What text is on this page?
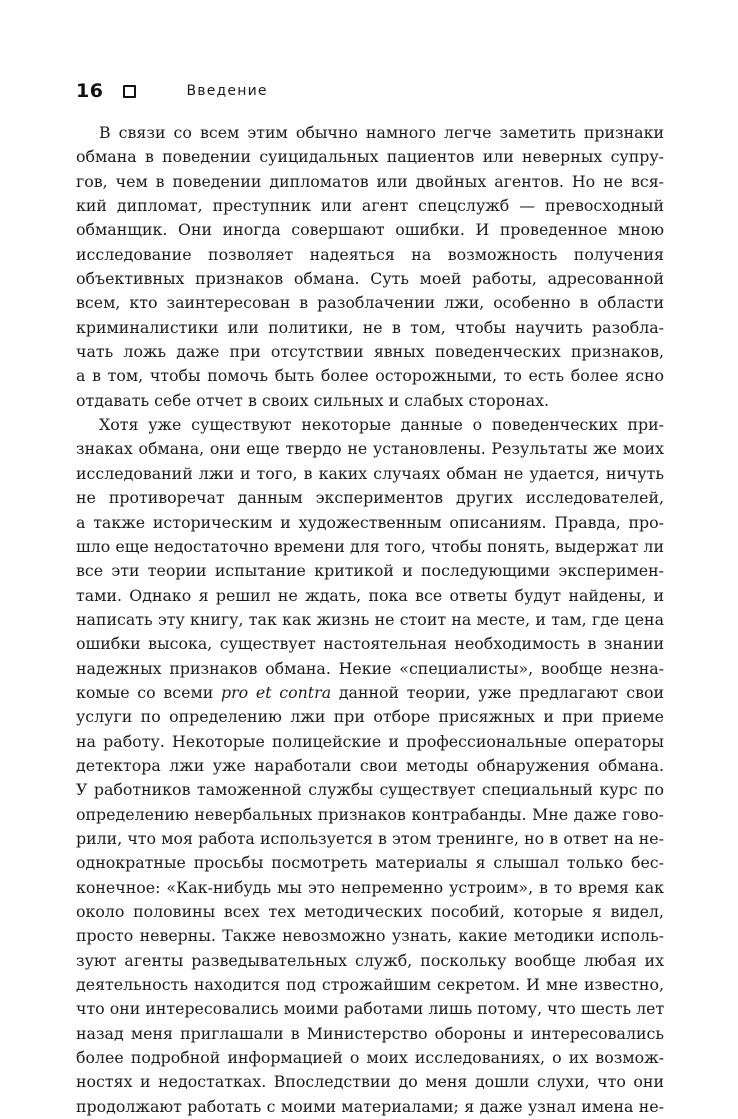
16	Введение
В связи со всем этим обычно намного легче заметить признаки
обмана в поведении суицидальных пациентов или неверных супру-
гов, чем в поведении дипломатов или двойных агентов. Но не вся-
кий дипломат, преступник или агент спецслужб — превосходный
обманщик. Они иногда совершают ошибки. И проведенное мною
исследование позволяет надеяться на возможность получения
объективных признаков обмана. Суть моей работы, адресованной
всем, кто заинтересован в разоблачении лжи, особенно в области
криминалистики или политики, не в том, чтобы научить разобла-
чать ложь даже при отсутствии явных поведенческих признаков,
а в том, чтобы помочь быть более осторожными, то есть более ясно
отдавать себе отчет в своих сильных и слабых сторонах.
Хотя уже существуют некоторые данные о поведенческих при-
знаках обмана, они еще твердо не установлены. Результаты же моих
исследований лжи и того, в каких случаях обман не удается, ничуть
не противоречат данным экспериментов других исследователей,
а также историческим и художественным описаниям. Правда, про-
шло еще недостаточно времени для того, чтобы понять, выдержат ли
все эти теории испытание критикой и последующими эксперимен-
тами. Однако я решил не ждать, пока все ответы будут найдены, и
написать эту книгу, так как жизнь не стоит на месте, и там, где цена
ошибки высока, существует настоятельная необходимость в знании
надежных признаков обмана. Некие «специалисты», вообще незна-
комые со всеми pro et contra данной теории, уже предлагают свои
услуги по определению лжи при отборе присяжных и при приеме
на работу. Некоторые полицейские и профессиональные операторы
детектора лжи уже наработали свои методы обнаружения обмана.
У работников таможенной службы существует специальный курс по
определению невербальных признаков контрабанды. Мне даже гово-
рили, что моя работа используется в этом тренинге, но в ответ на не-
однократные просьбы посмотреть материалы я слышал только бес-
конечное: «Как-нибудь мы это непременно устроим», в то время как
около половины всех тех методических пособий, которые я видел,
просто неверны. Также невозможно узнать, какие методики исполь-
зуют агенты разведывательных служб, поскольку вообще любая их
деятельность находится под строжайшим секретом. И мне известно,
что они интересовались моими работами лишь потому, что шесть лет
назад меня приглашали в Министерство обороны и интересовались
более подробной информацией о моих исследованиях, о их возмож-
ностях и недостатках. Впоследствии до меня дошли слухи, что они
продолжают работать с моими материалами; я даже узнал имена не-
